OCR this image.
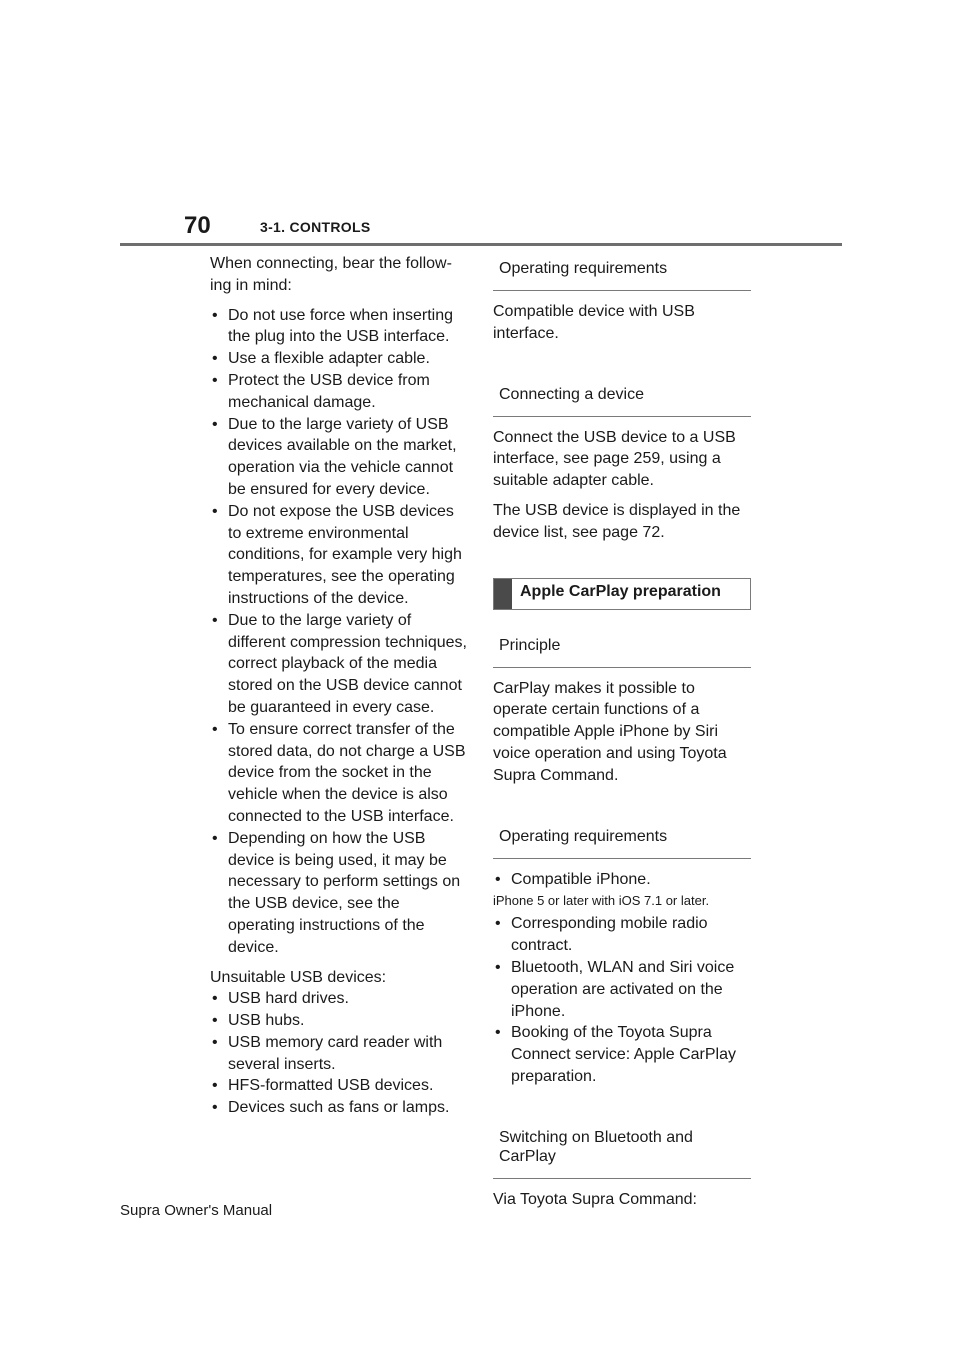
70	3-1. CONTROLS

When connecting, bear the follow-
ing in mind:

• Do not use force when inserting the plug into the USB interface.
• Use a flexible adapter cable.
• Protect the USB device from mechanical damage.
• Due to the large variety of USB devices available on the market, operation via the vehicle cannot be ensured for every device.
• Do not expose the USB devices to extreme environmental conditions, for example very high temperatures, see the operating instructions of the device.
• Due to the large variety of different compression techniques, correct playback of the media stored on the USB device cannot be guaranteed in every case.
• To ensure correct transfer of the stored data, do not charge a USB device from the socket in the vehicle when the device is also connected to the USB interface.
• Depending on how the USB device is being used, it may be necessary to perform settings on the USB device, see the operating instructions of the device.

Unsuitable USB devices:

• USB hard drives.
• USB hubs.
• USB memory card reader with several inserts.
• HFS-formatted USB devices.
• Devices such as fans or lamps.
Operating requirements

Compatible device with USB interface.

Connecting a device

Connect the USB device to a USB interface, see page 259, using a suitable adapter cable.

The USB device is displayed in the device list, see page 72.

Apple CarPlay preparation
Principle

CarPlay makes it possible to operate certain functions of a compatible Apple iPhone by Siri voice operation and using Toyota Supra Command.

Operating requirements
• Compatible iPhone.
iPhone 5 or later with iOS 7.1 or later.
• Corresponding mobile radio contract.
• Bluetooth, WLAN and Siri voice operation are activated on the iPhone.
• Booking of the Toyota Supra Connect service: Apple CarPlay preparation.
Switching on Bluetooth and CarPlay

Via Toyota Supra Command:

Supra Owner's Manual
